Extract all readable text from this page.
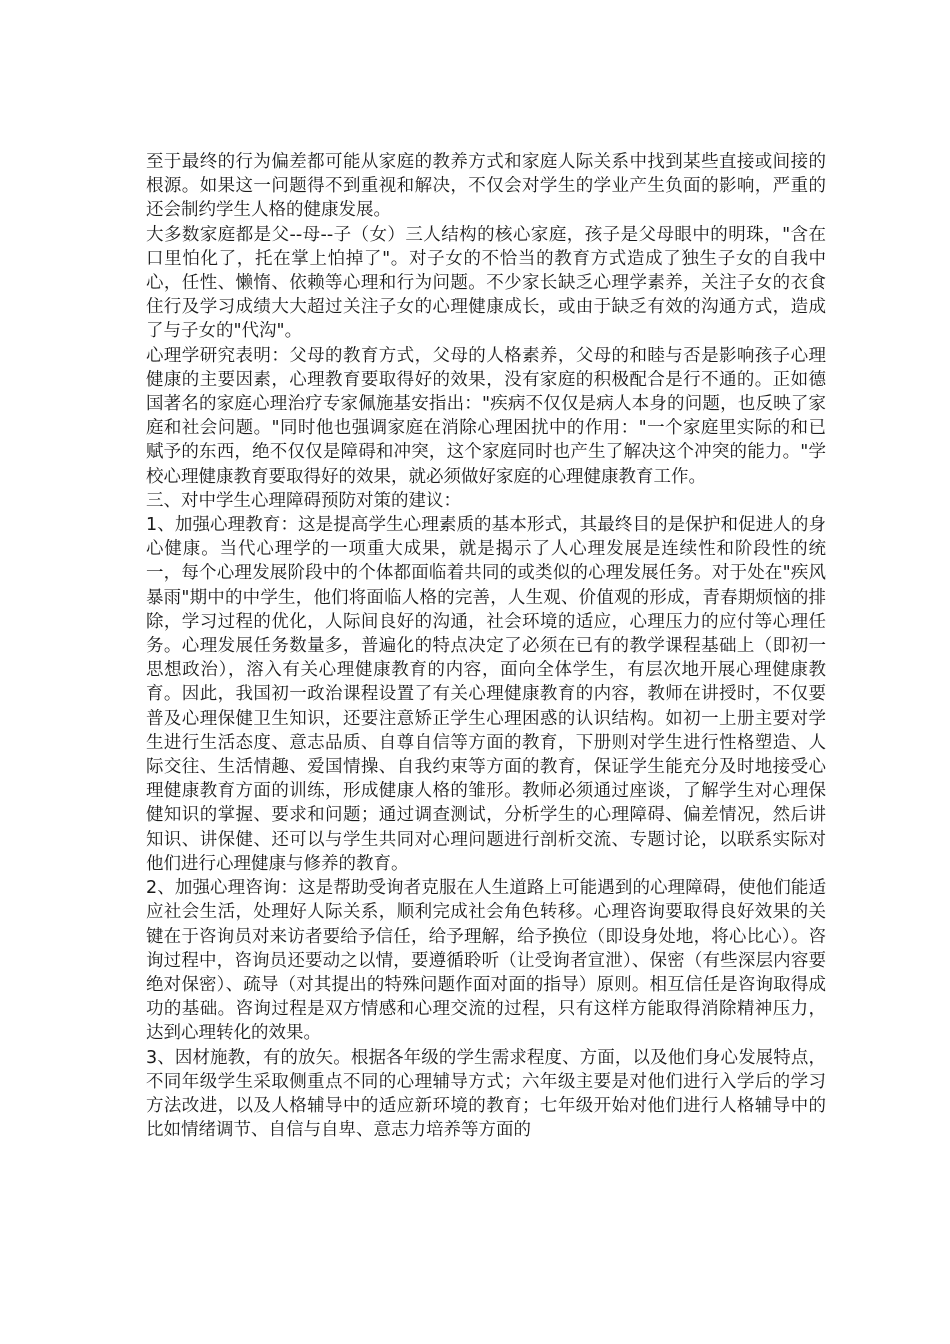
至于最终的行为偏差都可能从家庭的教养方式和家庭人际关系中找到某些直接或间接的根源。如果这一问题得不到重视和解决，不仅会对学生的学业产生负面的影响，严重的还会制约学生人格的健康发展。

大多数家庭都是父--母--子（女）三人结构的核心家庭，孩子是父母眼中的明珠，"含在口里怕化了，托在掌上怕掉了"。对子女的不恰当的教育方式造成了独生子女的自我中心，任性、懒惰、依赖等心理和行为问题。不少家长缺乏心理学素养，关注子女的衣食住行及学习成绩大大超过关注子女的心理健康成长，或由于缺乏有效的沟通方式，造成了与子女的"代沟"。

心理学研究表明：父母的教育方式，父母的人格素养，父母的和睦与否是影响孩子心理健康的主要因素，心理教育要取得好的效果，没有家庭的积极配合是行不通的。正如德国著名的家庭心理治疗专家佩施基安指出："疾病不仅仅是病人本身的问题，也反映了家庭和社会问题。"同时他也强调家庭在消除心理困扰中的作用："一个家庭里实际的和已赋予的东西，绝不仅仅是障碍和冲突，这个家庭同时也产生了解决这个冲突的能力。"学校心理健康教育要取得好的效果，就必须做好家庭的心理健康教育工作。

三、对中学生心理障碍预防对策的建议：

1、加强心理教育：这是提高学生心理素质的基本形式，其最终目的是保护和促进人的身心健康。当代心理学的一项重大成果，就是揭示了人心理发展是连续性和阶段性的统一，每个心理发展阶段中的个体都面临着共同的或类似的心理发展任务。对于处在"疾风暴雨"期中的中学生，他们将面临人格的完善，人生观、价值观的形成，青春期烦恼的排除，学习过程的优化，人际间良好的沟通，社会环境的适应，心理压力的应付等心理任务。心理发展任务数量多，普遍化的特点决定了必须在已有的教学课程基础上（即初一思想政治），溶入有关心理健康教育的内容，面向全体学生，有层次地开展心理健康教育。因此，我国初一政治课程设置了有关心理健康教育的内容，教师在讲授时，不仅要普及心理保健卫生知识，还要注意矫正学生心理困惑的认识结构。如初一上册主要对学生进行生活态度、意志品质、自尊自信等方面的教育，下册则对学生进行性格塑造、人际交往、生活情趣、爱国情操、自我约束等方面的教育，保证学生能充分及时地接受心理健康教育方面的训练，形成健康人格的雏形。教师必须通过座谈，了解学生对心理保健知识的掌握、要求和问题；通过调查测试，分析学生的心理障碍、偏差情况，然后讲知识、讲保健、还可以与学生共同对心理问题进行剖析交流、专题讨论，以联系实际对他们进行心理健康与修养的教育。

2、加强心理咨询：这是帮助受询者克服在人生道路上可能遇到的心理障碍，使他们能适应社会生活，处理好人际关系，顺利完成社会角色转移。心理咨询要取得良好效果的关键在于咨询员对来访者要给予信任，给予理解，给予换位（即设身处地，将心比心）。咨询过程中，咨询员还要动之以情，要遵循聆听（让受询者宣泄）、保密（有些深层内容要绝对保密）、疏导（对其提出的特殊问题作面对面的指导）原则。相互信任是咨询取得成功的基础。咨询过程是双方情感和心理交流的过程，只有这样方能取得消除精神压力，达到心理转化的效果。

3、因材施教，有的放矢。根据各年级的学生需求程度、方面，以及他们身心发展特点，不同年级学生采取侧重点不同的心理辅导方式；六年级主要是对他们进行入学后的学习方法改进，以及人格辅导中的适应新环境的教育；七年级开始对他们进行人格辅导中的比如情绪调节、自信与自卑、意志力培养等方面的
